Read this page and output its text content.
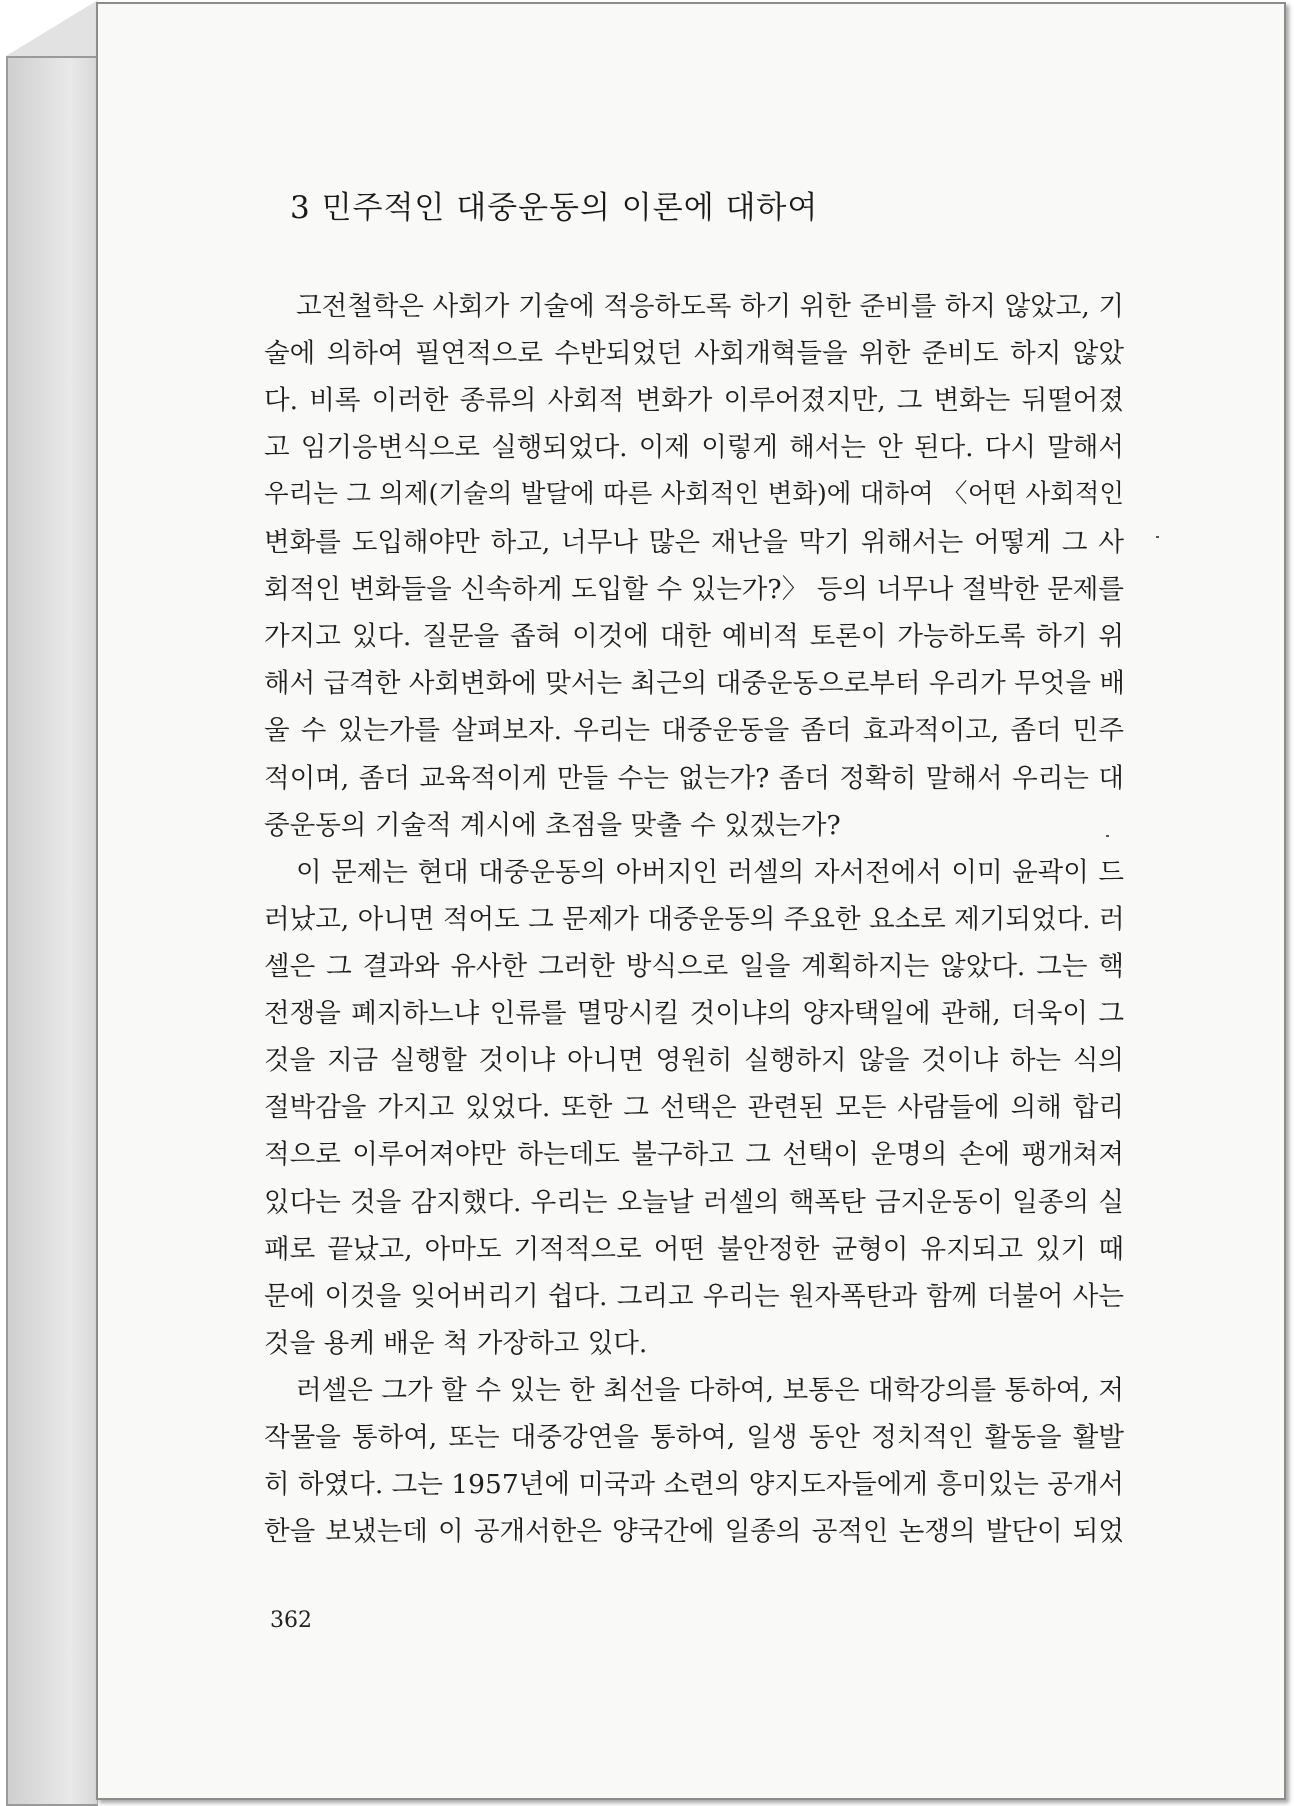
3 민주적인 대중운동의 이론에 대하여

고전철학은 사회가 기술에 적응하도록 하기 위한 준비를 하지 않았고, 기

술에 의하여 필연적으로 수반되었던 사회개혁들을 위한 준비도 하지 않았

다. 비록 이러한 종류의 사회적 변화가 이루어졌지만, 그 변화는 뒤떨어졌

고 임기응변식으로 실행되었다. 이제 이렇게 해서는 안 된다. 다시 말해서

우리는 그 의제(기술의 발달에 따른 사회적인 변화)에 대하여 〈어떤 사회적인

변화를 도입해야만 하고, 너무나 많은 재난을 막기 위해서는 어떻게 그 사

회적인 변화들을 신속하게 도입할 수 있는가?〉 등의 너무나 절박한 문제를

가지고 있다. 질문을 좁혀 이것에 대한 예비적 토론이 가능하도록 하기 위

해서 급격한 사회변화에 맞서는 최근의 대중운동으로부터 우리가 무엇을 배

울 수 있는가를 살펴보자. 우리는 대중운동을 좀더 효과적이고, 좀더 민주

적이며, 좀더 교육적이게 만들 수는 없는가? 좀더 정확히 말해서 우리는 대

중운동의 기술적 계시에 초점을 맞출 수 있겠는가?

이 문제는 현대 대중운동의 아버지인 러셀의 자서전에서 이미 윤곽이 드

러났고, 아니면 적어도 그 문제가 대중운동의 주요한 요소로 제기되었다. 러

셀은 그 결과와 유사한 그러한 방식으로 일을 계획하지는 않았다. 그는 핵

전쟁을 폐지하느냐 인류를 멸망시킬 것이냐의 양자택일에 관해, 더욱이 그

것을 지금 실행할 것이냐 아니면 영원히 실행하지 않을 것이냐 하는 식의

절박감을 가지고 있었다. 또한 그 선택은 관련된 모든 사람들에 의해 합리

적으로 이루어져야만 하는데도 불구하고 그 선택이 운명의 손에 팽개쳐져

있다는 것을 감지했다. 우리는 오늘날 러셀의 핵폭탄 금지운동이 일종의 실

패로 끝났고, 아마도 기적적으로 어떤 불안정한 균형이 유지되고 있기 때

문에 이것을 잊어버리기 쉽다. 그리고 우리는 원자폭탄과 함께 더불어 사는

것을 용케 배운 척 가장하고 있다.

러셀은 그가 할 수 있는 한 최선을 다하여, 보통은 대학강의를 통하여, 저

작물을 통하여, 또는 대중강연을 통하여, 일생 동안 정치적인 활동을 활발

히 하였다. 그는 1957년에 미국과 소련의 양지도자들에게 흥미있는 공개서

한을 보냈는데 이 공개서한은 양국간에 일종의 공적인 논쟁의 발단이 되었

362
